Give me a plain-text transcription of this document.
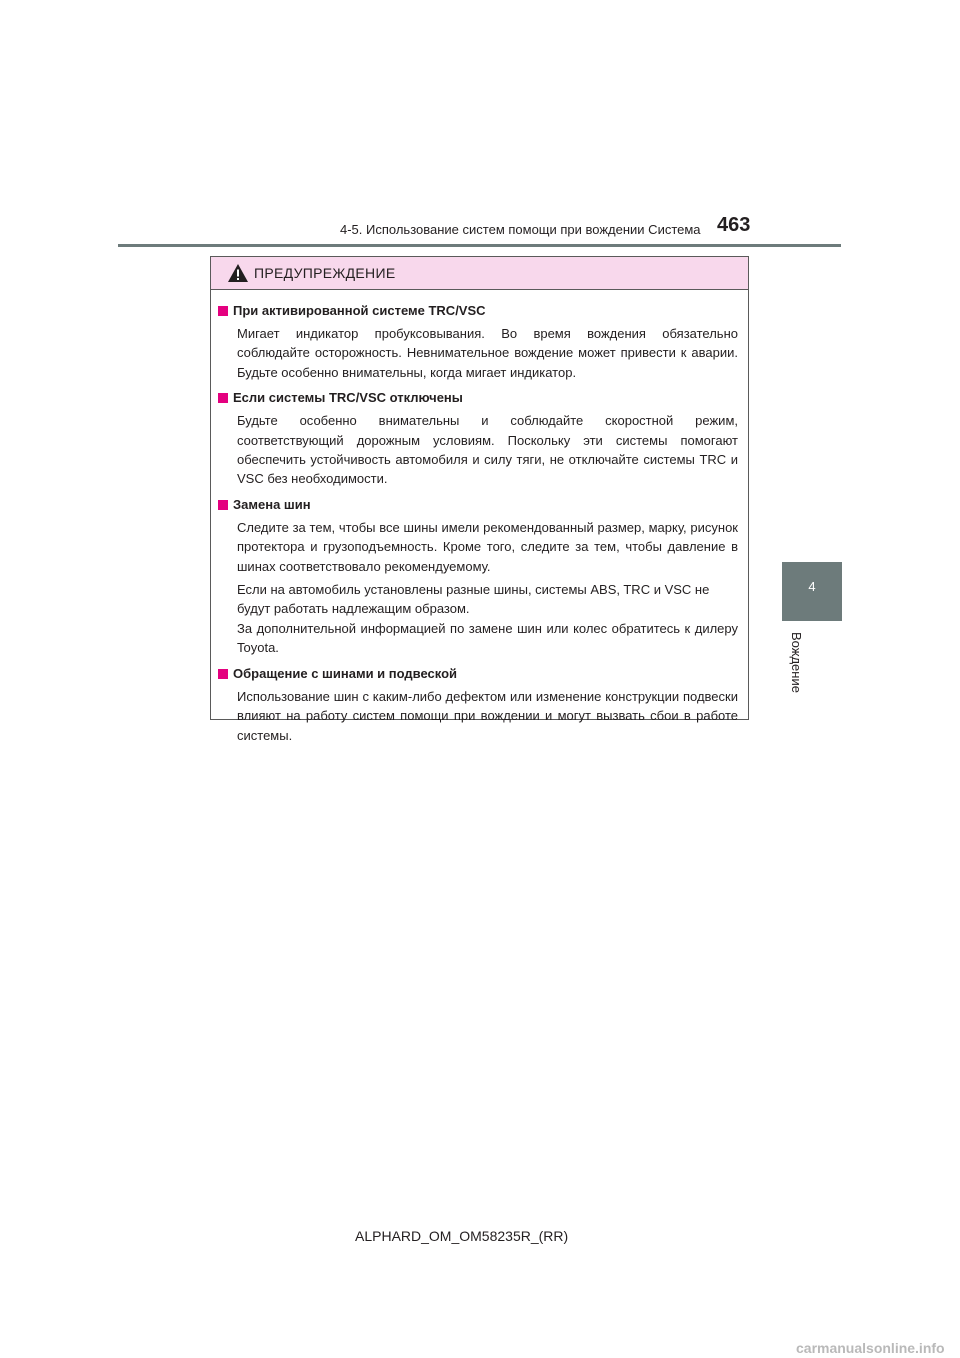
4-5. Использование систем помощи при вождении Система 463
4
Вождение
ПРЕДУПРЕЖДЕНИЕ
При активированной системе TRC/VSC

Мигает индикатор пробуксовывания. Во время вождения обязательно соблюдайте осторожность. Невнимательное вождение может привести к аварии. Будьте особенно внимательны, когда мигает индикатор.

Если системы TRC/VSC отключены

Будьте особенно внимательны и соблюдайте скоростной режим, соответствующий дорожным условиям. Поскольку эти системы помогают обеспечить устойчивость автомобиля и силу тяги, не отключайте системы TRC и VSC без необходимости.

Замена шин

Следите за тем, чтобы все шины имели рекомендованный размер, марку, рисунок протектора и грузоподъемность. Кроме того, следите за тем, чтобы давление в шинах соответствовало рекомендуемому.

Если на автомобиль установлены разные шины, системы ABS, TRC и VSC не будут работать надлежащим образом.

За дополнительной информацией по замене шин или колес обратитесь к дилеру Toyota.

Обращение с шинами и подвеской

Использование шин с каким-либо дефектом или изменение конструкции подвески влияют на работу систем помощи при вождении и могут вызвать сбои в работе системы.

ALPHARD_OM_OM58235R_(RR)
carmanualsonline.info
